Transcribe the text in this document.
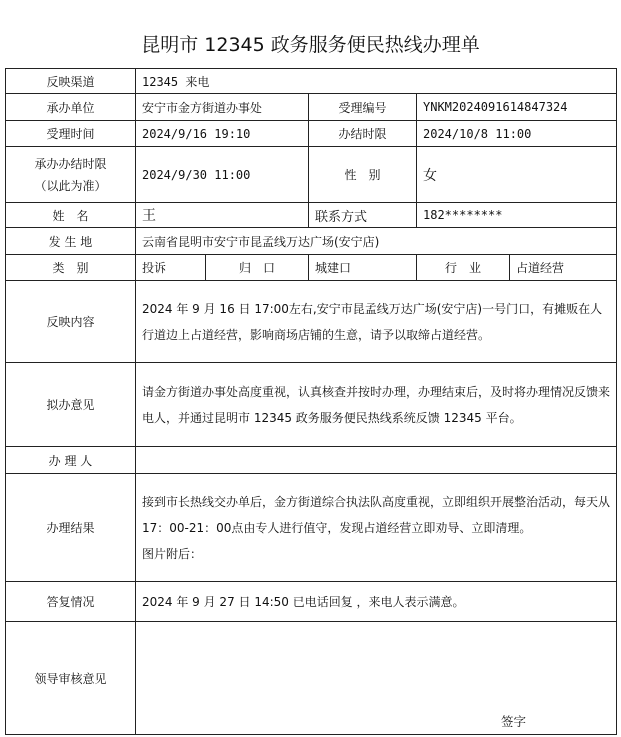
昆明市 12345 政务服务便民热线办理单
反映渠道	12345 来电				
承办单位	安宁市金方街道办事处		受理编号	YNKM20240916148473​24	
受理时间	2024/9/16 19:10		办结时限	2024/10/8 11:00	

承办办结时限
（以此为准）	2024/9/30 11:00		性　别	女	
姓　名	王		联系方式	182********	
发 生 地	云南省昆明市安宁市昆孟线万达广场(安宁店)				
类　别	投诉	归　口	城建口	行　业	占道经营
反映内容	2024 年 9 月 16 日 17:00左右,安宁市昆孟线万达广场(安宁店)一号门口，有摊贩在人行道边上占道经营，影响商场店铺的生意，请予以取缔占道经营。				
拟办意见	请金方街道办事处高度重视，认真核查并按时办理，办理结束后，及时将办理情况反馈来电人，并通过昆明市 12345 政务服务便民热线系统反馈 12345 平台。				
办 理 人					
办理结果	接到市长热线交办单后，金方街道综合执法队高度重视，立即组织开展整治活动，每天从 17：00-21：00点由专人进行值守，发现占道经营立即劝导、立即清理。
图片附后：				

答复情况	2024 年 9 月 27 日 14:50 已电话回复 ，来电人表示满意。				
领导审核意见	签字				
